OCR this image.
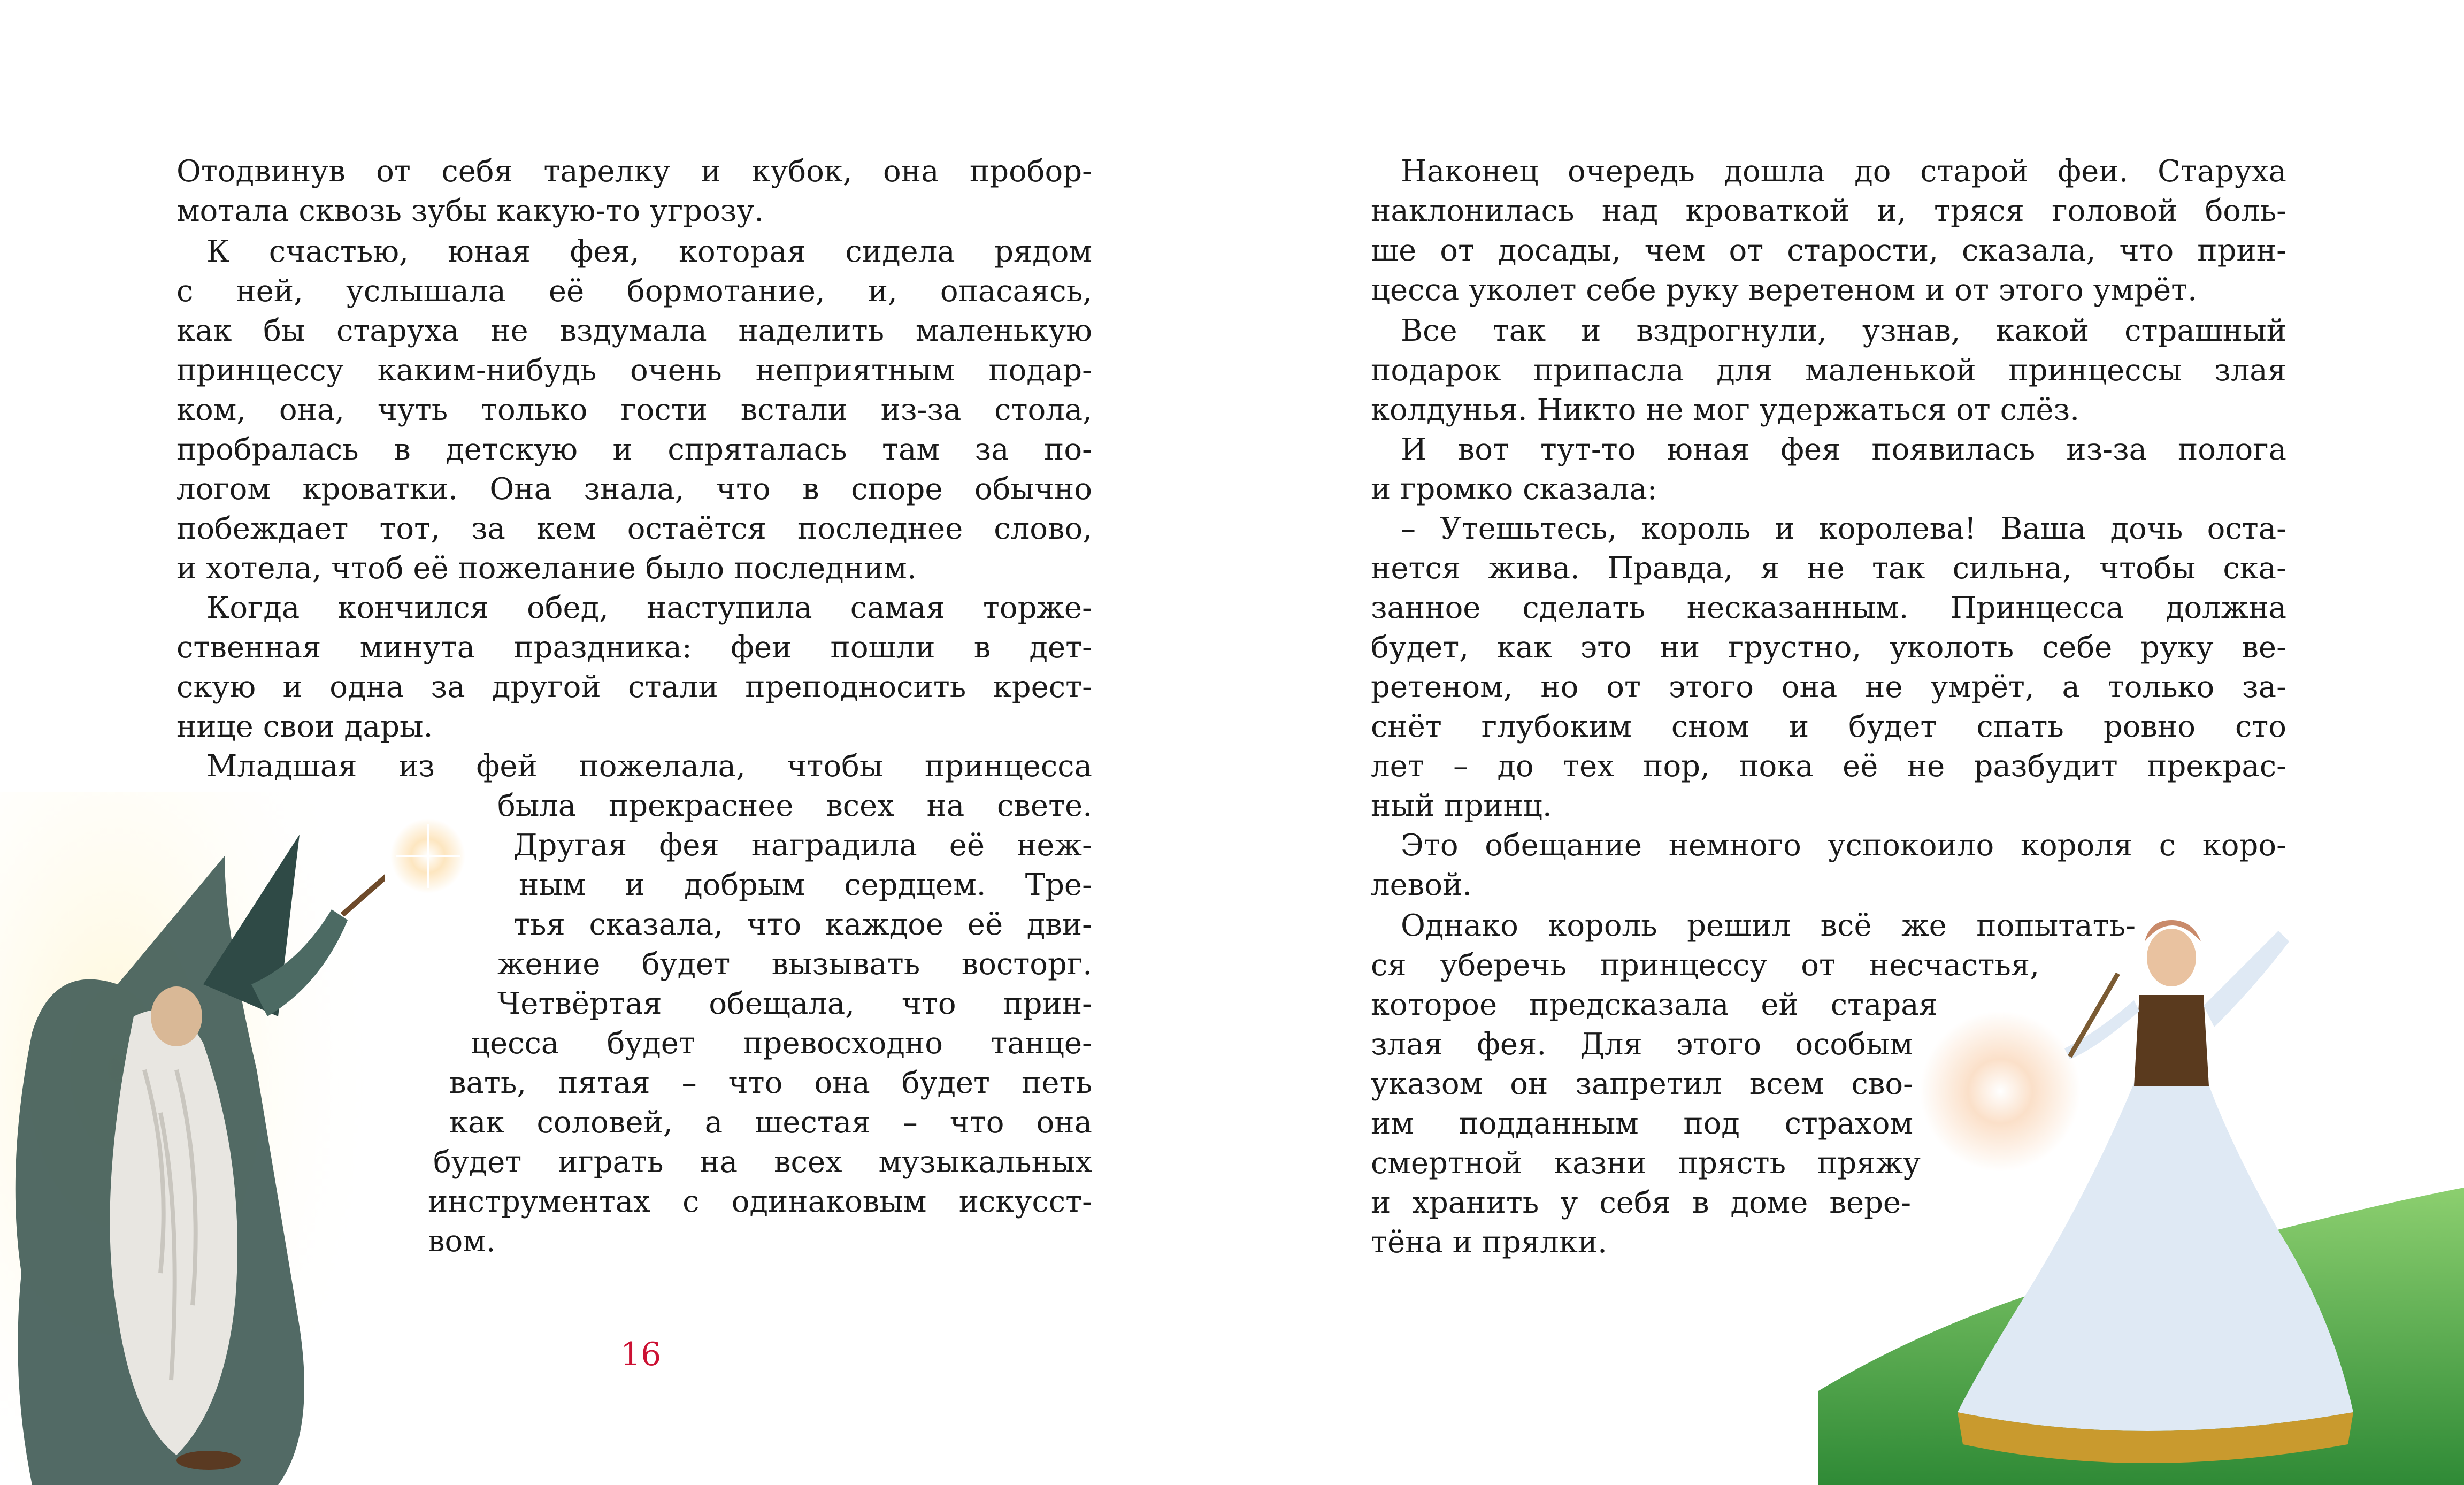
Отодвинув от себя тарелку и кубок, она пробор-
мотала сквозь зубы какую-то угрозу.
К счастью, юная фея, которая сидела рядом
с ней, услышала её бормотание, и, опасаясь,
как бы старуха не вздумала наделить маленькую
принцессу каким-нибудь очень неприятным подар-
ком, она, чуть только гости встали из-за стола,
пробралась в детскую и спряталась там за по-
логом кроватки. Она знала, что в споре обычно
побеждает тот, за кем остаётся последнее слово,
и хотела, чтоб её пожелание было последним.
Когда кончился обед, наступила самая торже-
ственная минута праздника: феи пошли в дет-
скую и одна за другой стали преподносить крест-
нице свои дары.
Младшая из фей пожелала, чтобы принцесса
была прекраснее всех на свете.
Другая фея наградила её неж-
ным и добрым сердцем. Тре-
тья сказала, что каждое её дви-
жение будет вызывать восторг.
Четвёртая обещала, что прин-
цесса будет превосходно танце-
вать, пятая – что она будет петь
как соловей, а шестая – что она
будет играть на всех музыкальных
инструментах с одинаковым искусст-
вом.
Наконец очередь дошла до старой феи. Старуха
наклонилась над кроваткой и, тряся головой боль-
ше от досады, чем от старости, сказала, что прин-
цесса уколет себе руку веретеном и от этого умрёт.
Все так и вздрогнули, узнав, какой страшный
подарок припасла для маленькой принцессы злая
колдунья. Никто не мог удержаться от слёз.
И вот тут-то юная фея появилась из-за полога
и громко сказала:
– Утешьтесь, король и королева! Ваша дочь оста-
нется жива. Правда, я не так сильна, чтобы ска-
занное сделать несказанным. Принцесса должна
будет, как это ни грустно, уколоть себе руку ве-
ретеном, но от этого она не умрёт, а только за-
снёт глубоким сном и будет спать ровно сто
лет – до тех пор, пока её не разбудит прекрас-
ный принц.
Это обещание немного успокоило короля с коро-
левой.
Однако король решил всё же попытать-
ся уберечь принцессу от несчастья,
которое предсказала ей старая
злая фея. Для этого особым
указом он запретил всем сво-
им подданным под страхом
смертной казни прясть пряжу
и хранить у себя в доме вере-
тёна и прялки.
16
